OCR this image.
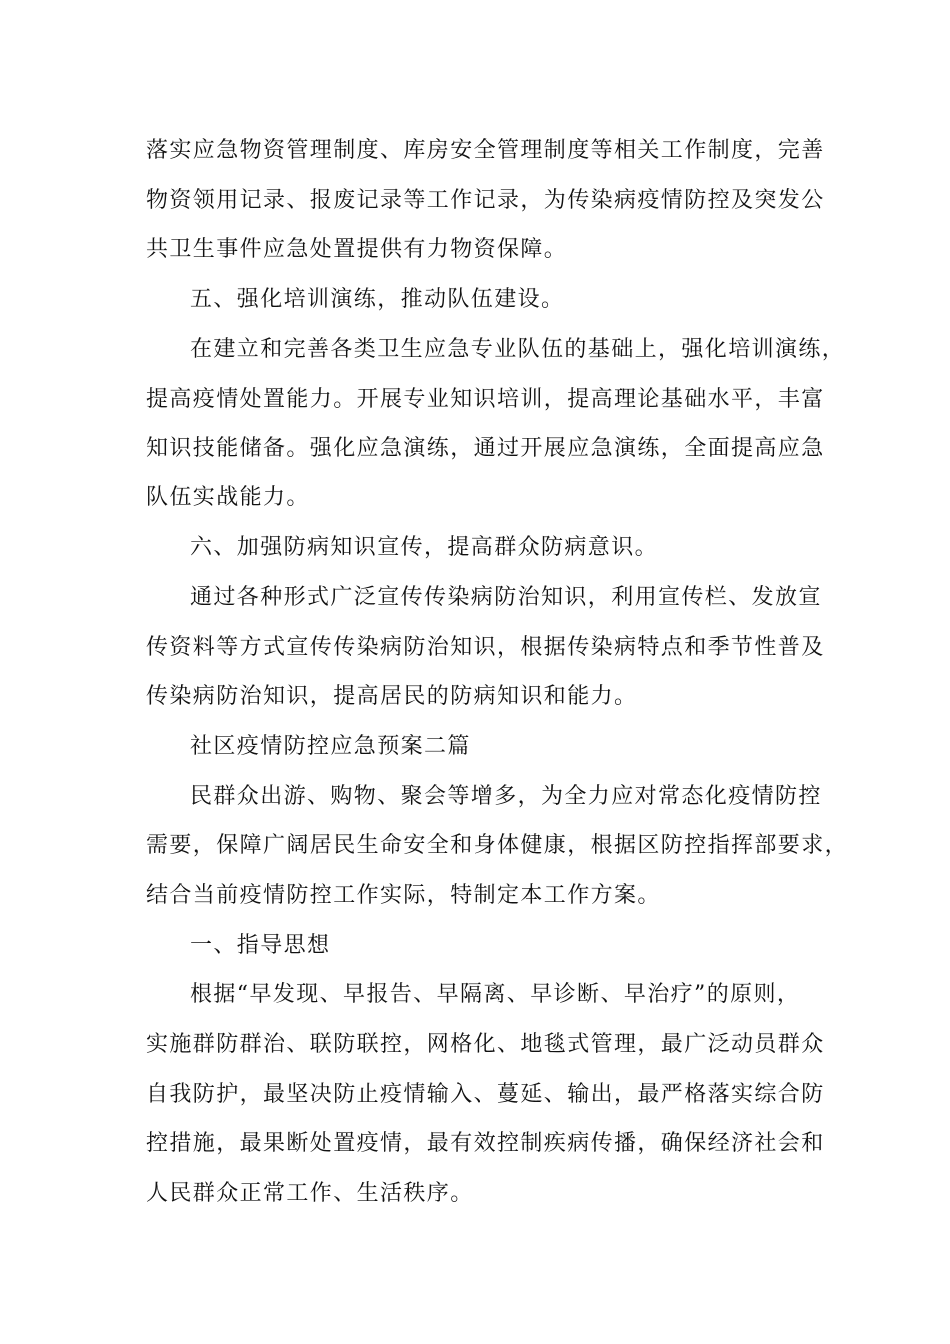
落实应急物资管理制度、库房安全管理制度等相关工作制度，完善
物资领用记录、报废记录等工作记录，为传染病疫情防控及突发公
共卫生事件应急处置提供有力物资保障。
五、强化培训演练，推动队伍建设。
在建立和完善各类卫生应急专业队伍的基础上，强化培训演练，
提高疫情处置能力。开展专业知识培训，提高理论基础水平，丰富
知识技能储备。强化应急演练，通过开展应急演练，全面提高应急
队伍实战能力。
六、加强防病知识宣传，提高群众防病意识。
通过各种形式广泛宣传传染病防治知识，利用宣传栏、发放宣
传资料等方式宣传传染病防治知识，根据传染病特点和季节性普及
传染病防治知识，提高居民的防病知识和能力。
社区疫情防控应急预案二篇
民群众出游、购物、聚会等增多，为全力应对常态化疫情防控
需要，保障广阔居民生命安全和身体健康，根据区防控指挥部要求，
结合当前疫情防控工作实际，特制定本工作方案。
一、指导思想
根据“早发现、早报告、早隔离、早诊断、早治疗”的原则，
实施群防群治、联防联控，网格化、地毯式管理，最广泛动员群众
自我防护，最坚决防止疫情输入、蔓延、输出，最严格落实综合防
控措施，最果断处置疫情，最有效控制疾病传播，确保经济社会和
人民群众正常工作、生活秩序。
